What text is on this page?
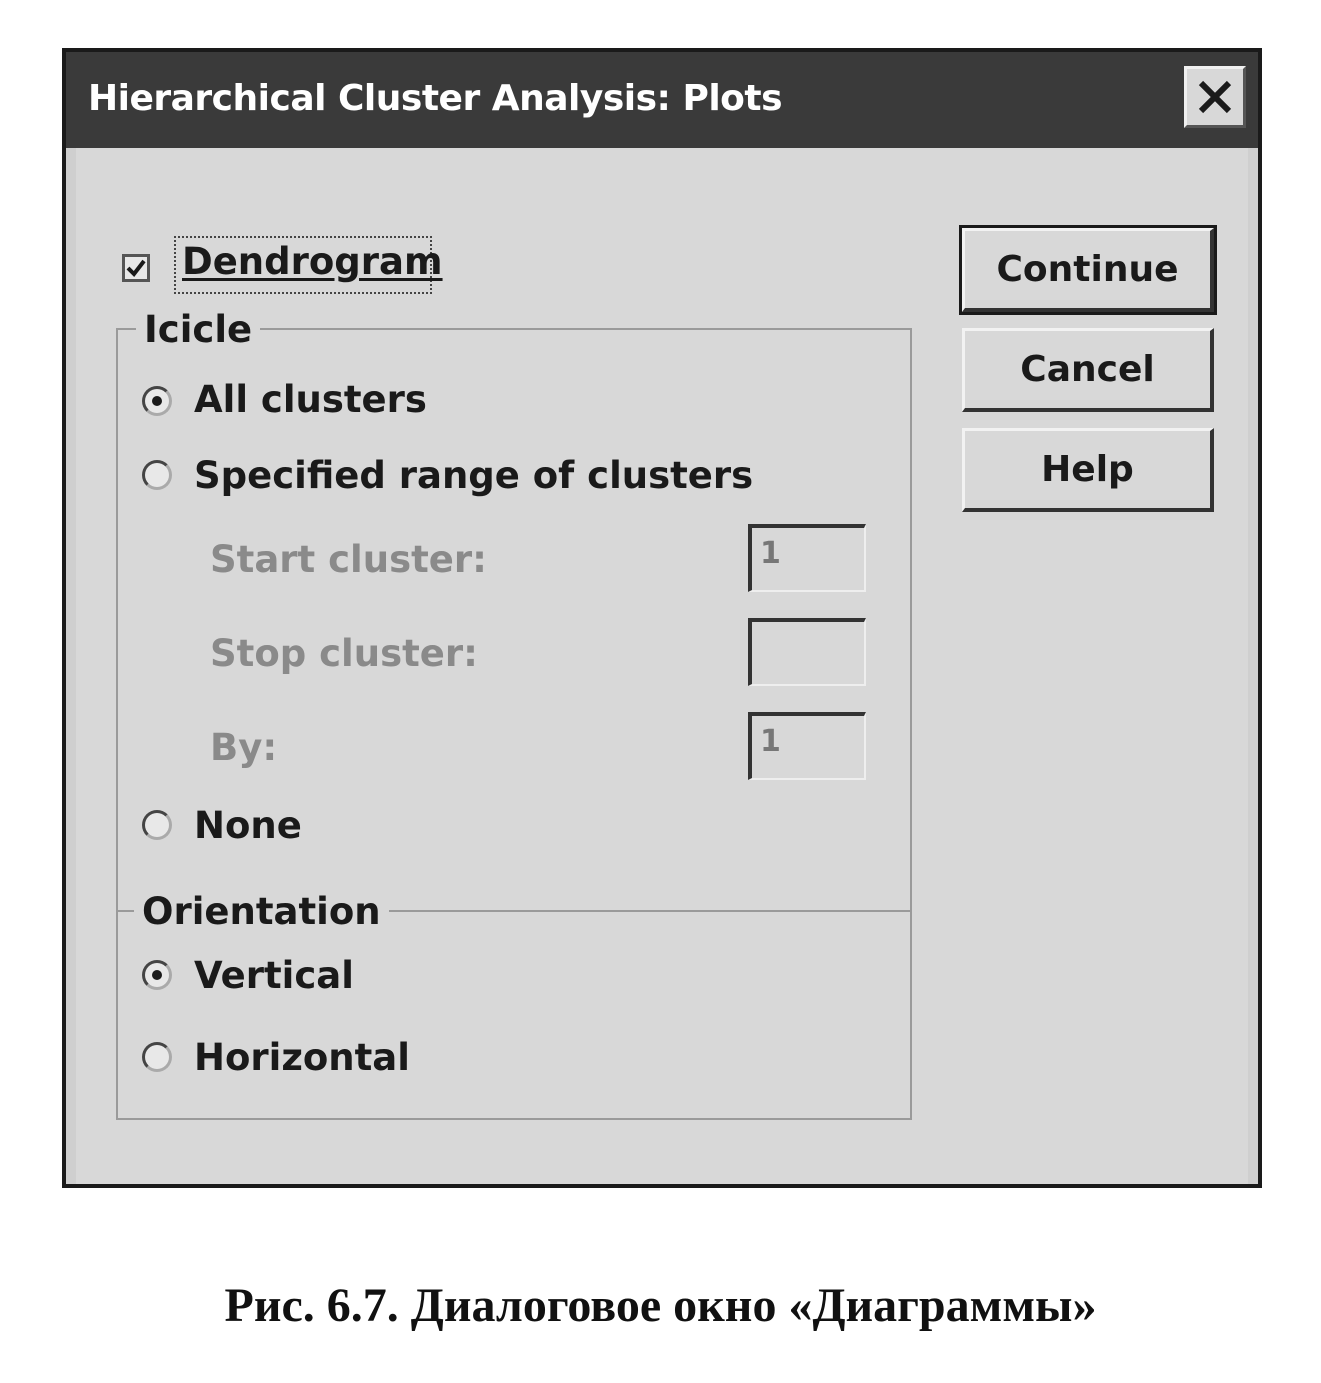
Hierarchical Cluster Analysis: Plots
Dendrogram
Icicle
All clusters
Specified range of clusters
Start cluster:	1
Stop cluster:
By:	1
None
Orientation
Vertical
Horizontal
Continue
Cancel
Help
Рис. 6.7. Диалоговое окно «Диаграммы»
